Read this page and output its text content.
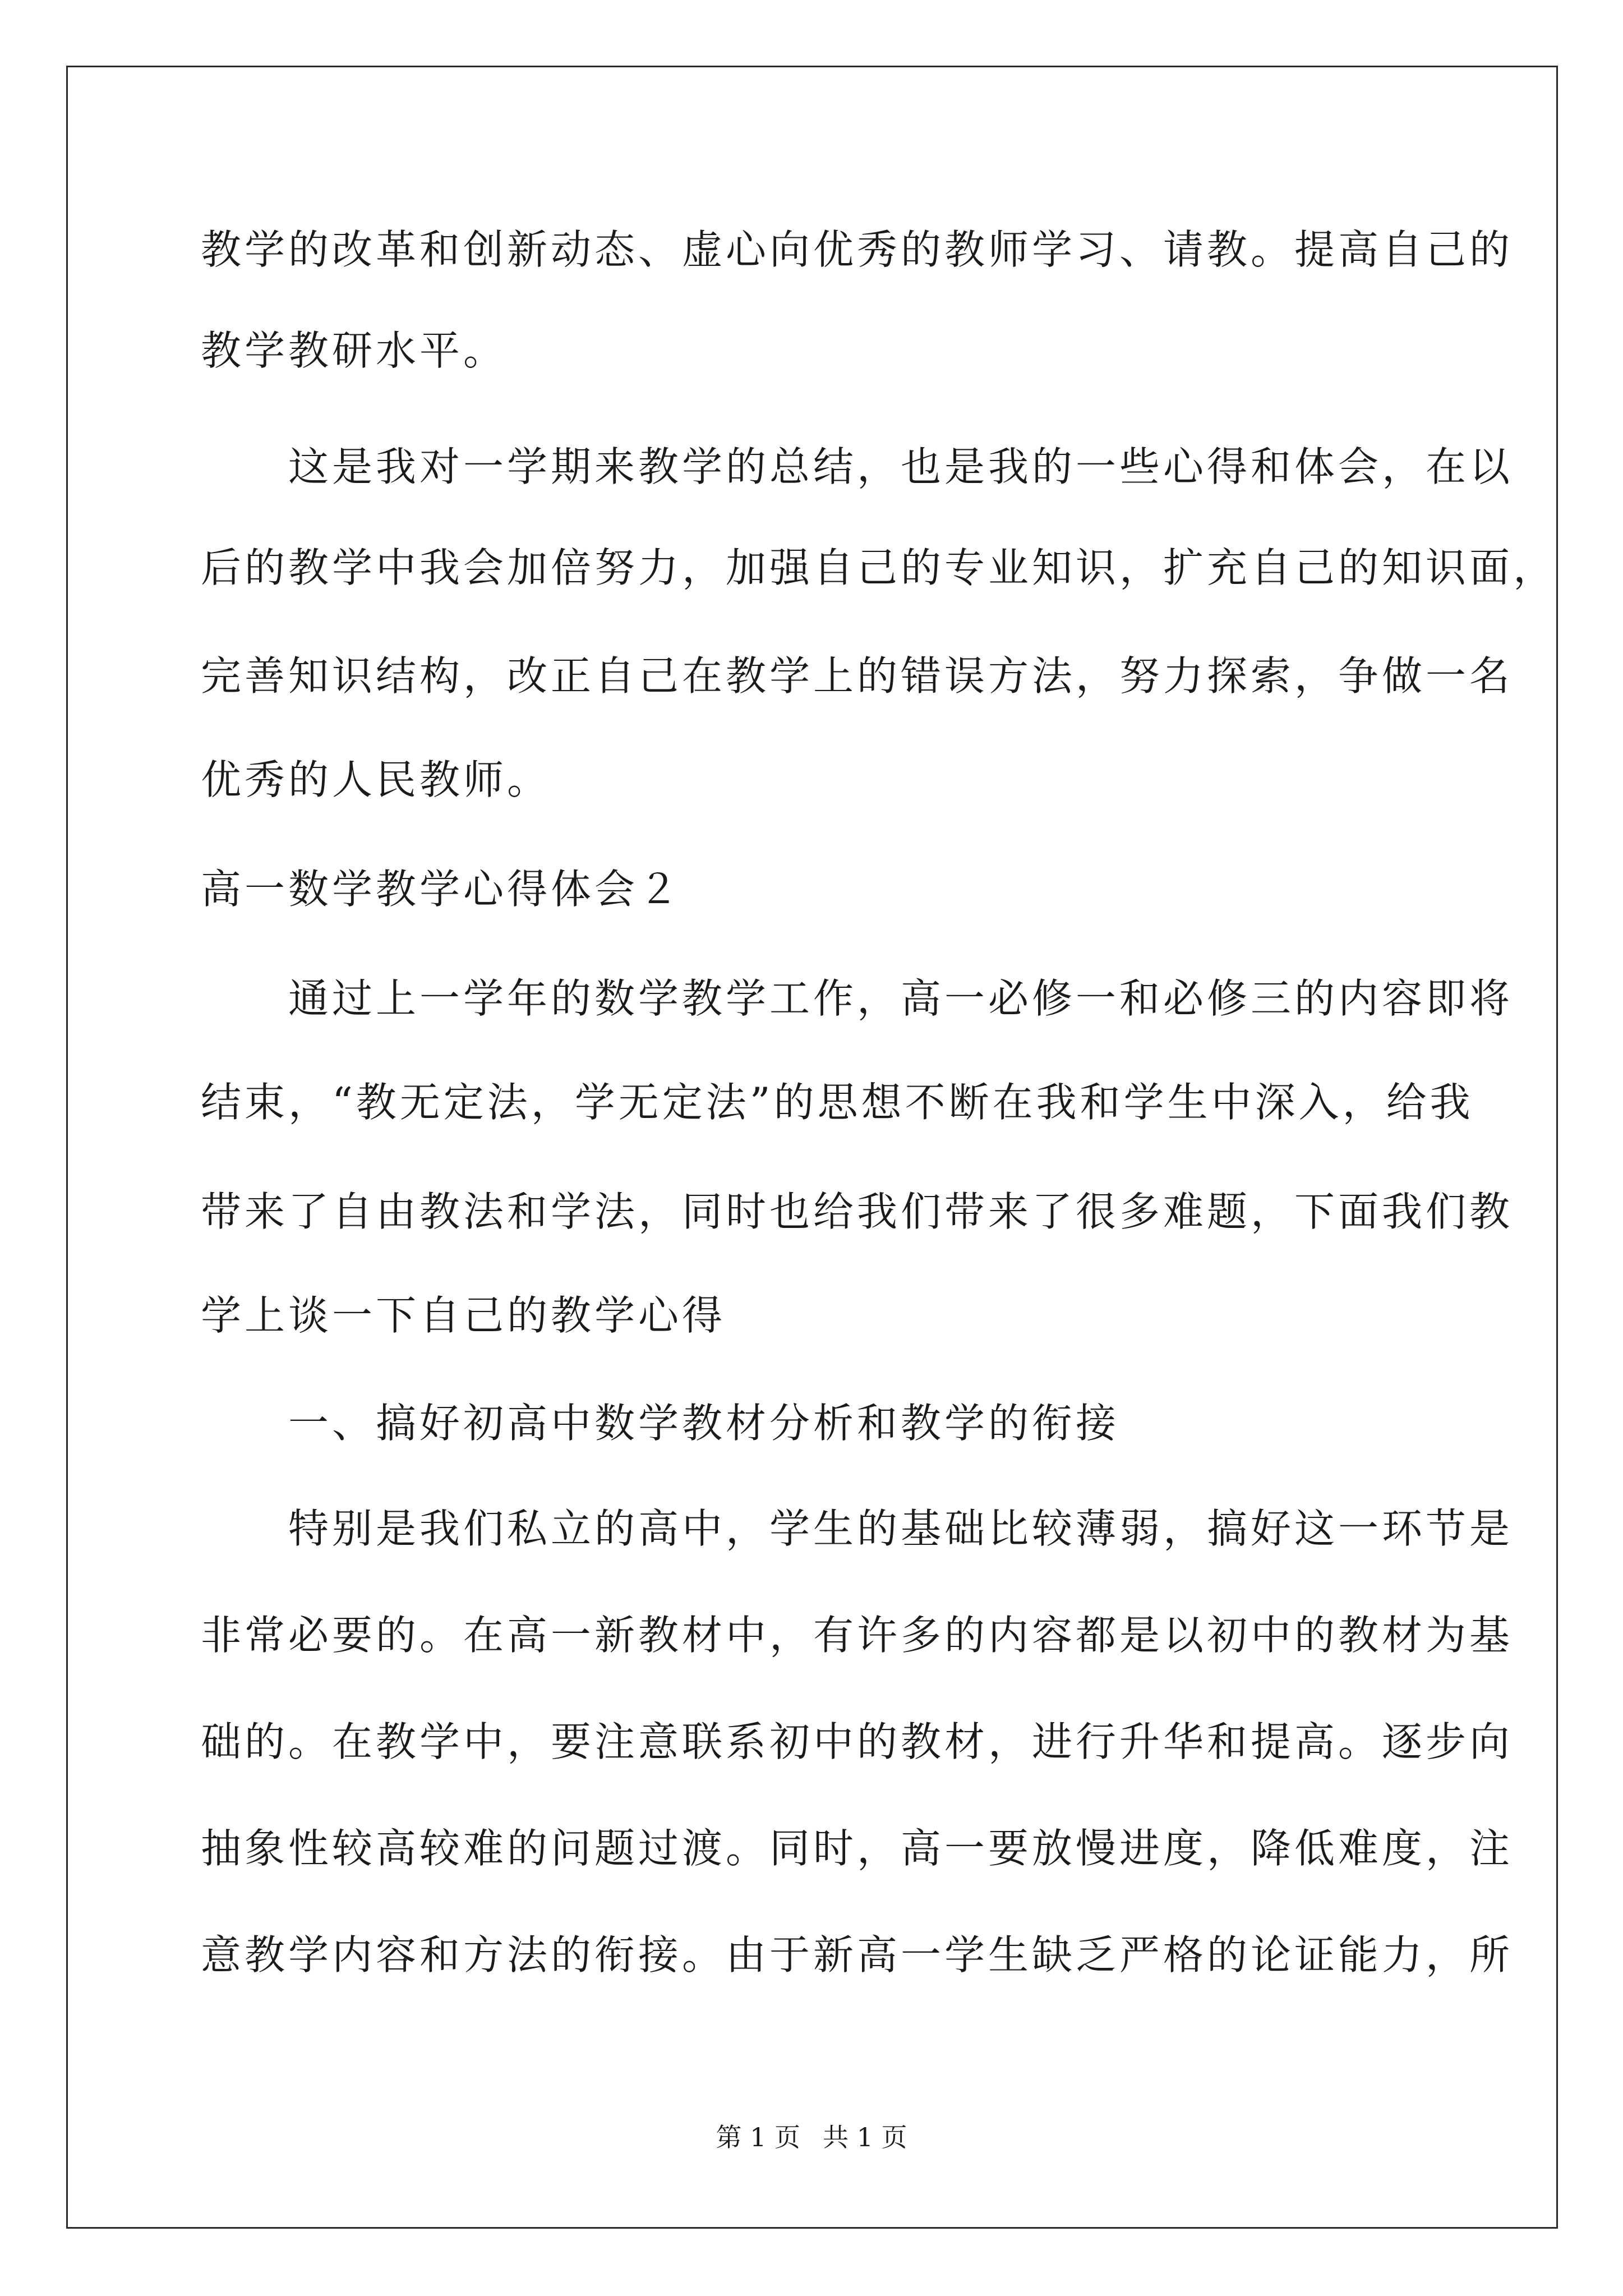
教学的改革和创新动态、虚心向优秀的教师学习、请教。提高自己的
教学教研水平。
　　这是我对一学期来教学的总结，也是我的一些心得和体会，在以
后的教学中我会加倍努力，加强自己的专业知识，扩充自己的知识面，
完善知识结构，改正自己在教学上的错误方法，努力探索，争做一名
优秀的人民教师。
高一数学教学心得体会２
　　通过上一学年的数学教学工作，高一必修一和必修三的内容即将
结束，“教无定法，学无定法”的思想不断在我和学生中深入，给我
带来了自由教法和学法，同时也给我们带来了很多难题，下面我们教
学上谈一下自己的教学心得
　　一、搞好初高中数学教材分析和教学的衔接
　　特别是我们私立的高中，学生的基础比较薄弱，搞好这一环节是
非常必要的。在高一新教材中，有许多的内容都是以初中的教材为基
础的。在教学中，要注意联系初中的教材，进行升华和提高。逐步向
抽象性较高较难的问题过渡。同时，高一要放慢进度，降低难度，注
意教学内容和方法的衔接。由于新高一学生缺乏严格的论证能力，所
第 1 页 共 1 页
